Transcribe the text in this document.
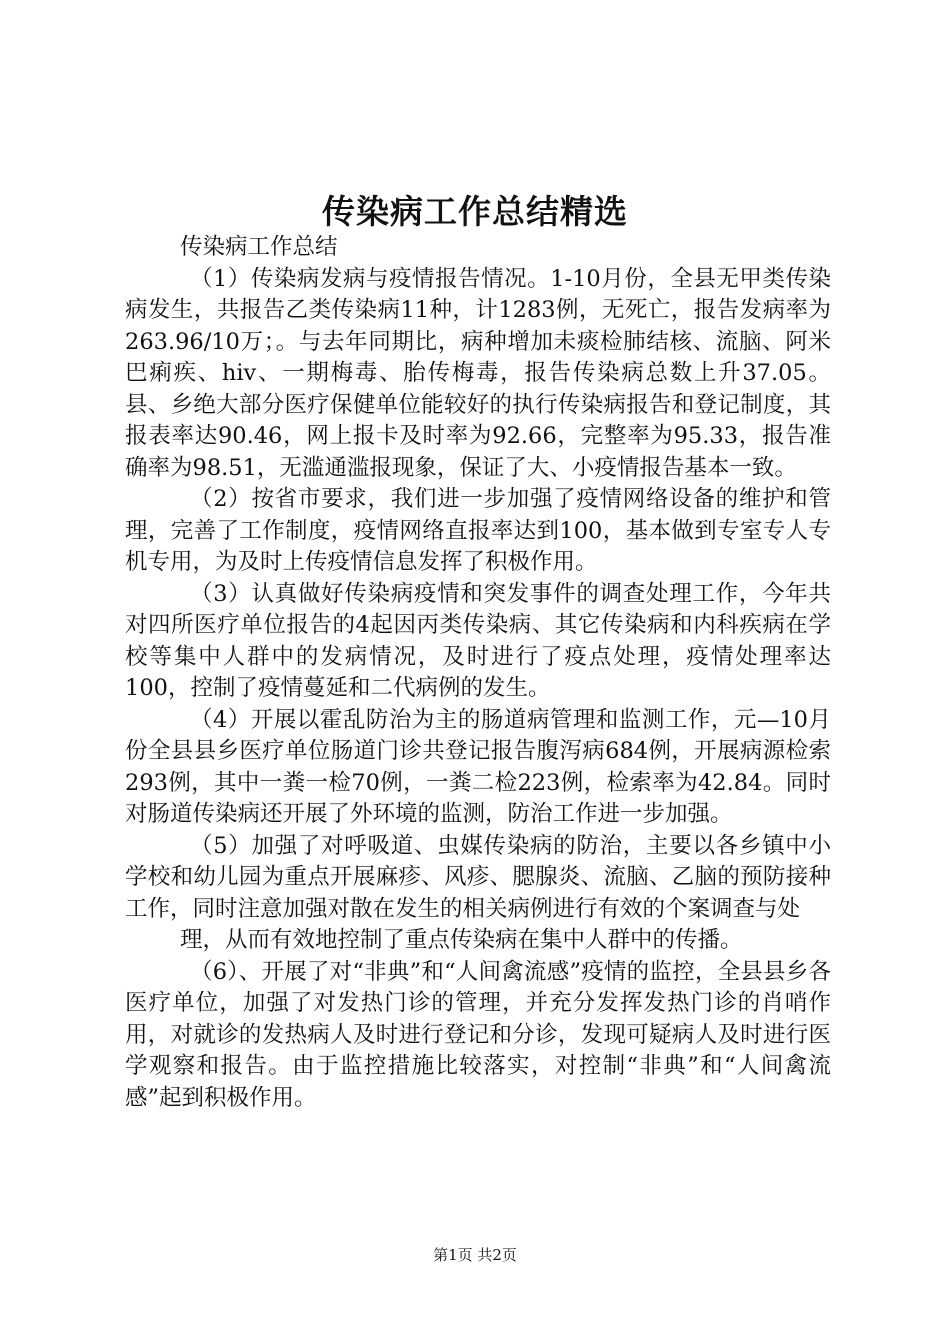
传染病工作总结精选

传染病工作总结

（1）传染病发病与疫情报告情况。1-10月份，全县无甲类传染病发生，共报告乙类传染病11种，计1283例，无死亡，报告发病率为263.96/10万；。与去年同期比，病种增加未痰检肺结核、流脑、阿米巴痢疾、hiv、一期梅毒、胎传梅毒，报告传染病总数上升37.05。县、乡绝大部分医疗保健单位能较好的执行传染病报告和登记制度，其报表率达90.46，网上报卡及时率为92.66，完整率为95.33，报告准确率为98.51，无滥通滥报现象，保证了大、小疫情报告基本一致。

（2）按省市要求，我们进一步加强了疫情网络设备的维护和管理，完善了工作制度，疫情网络直报率达到100，基本做到专室专人专机专用，为及时上传疫情信息发挥了积极作用。

（3）认真做好传染病疫情和突发事件的调查处理工作，今年共对四所医疗单位报告的4起因丙类传染病、其它传染病和内科疾病在学校等集中人群中的发病情况，及时进行了疫点处理，疫情处理率达100，控制了疫情蔓延和二代病例的发生。

（4）开展以霍乱防治为主的肠道病管理和监测工作，元—10月份全县县乡医疗单位肠道门诊共登记报告腹泻病684例，开展病源检索293例，其中一粪一检70例，一粪二检223例，检索率为42.84。同时对肠道传染病还开展了外环境的监测，防治工作进一步加强。

（5）加强了对呼吸道、虫媒传染病的防治，主要以各乡镇中小学校和幼儿园为重点开展麻疹、风疹、腮腺炎、流脑、乙脑的预防接种工作，同时注意加强对散在发生的相关病例进行有效的个案调查与处

理，从而有效地控制了重点传染病在集中人群中的传播。

（6）、开展了对“非典”和“人间禽流感”疫情的监控，全县县乡各医疗单位，加强了对发热门诊的管理，并充分发挥发热门诊的肖哨作用，对就诊的发热病人及时进行登记和分诊，发现可疑病人及时进行医学观察和报告。由于监控措施比较落实，对控制“非典”和“人间禽流感”起到积极作用。

第1页 共2页
